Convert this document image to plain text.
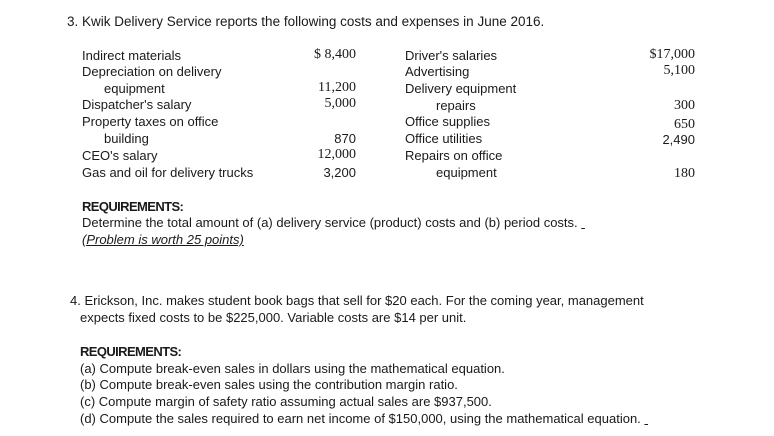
3. Kwik Delivery Service reports the following costs and expenses in June 2016.
Indirect materials	$ 8,400
Depreciation on delivery
equipment	11,200
Dispatcher's salary	5,000
Property taxes on office
building	870
CEO's salary	12,000
Gas and oil for delivery trucks	3,200
Driver's salaries	$17,000
Advertising	5,100
Delivery equipment
repairs	300
Office supplies	650
Office utilities	2,490
Repairs on office
equipment	180
REQUIREMENTS:
Determine the total amount of (a) delivery service (product) costs and (b) period costs.
(Problem is worth 25 points)
4. Erickson, Inc. makes student book bags that sell for $20 each. For the coming year, management
expects fixed costs to be $225,000. Variable costs are $14 per unit.
REQUIREMENTS:
(a) Compute break-even sales in dollars using the mathematical equation.
(b) Compute break-even sales using the contribution margin ratio.
(c) Compute margin of safety ratio assuming actual sales are $937,500.
(d) Compute the sales required to earn net income of $150,000, using the mathematical equation.
